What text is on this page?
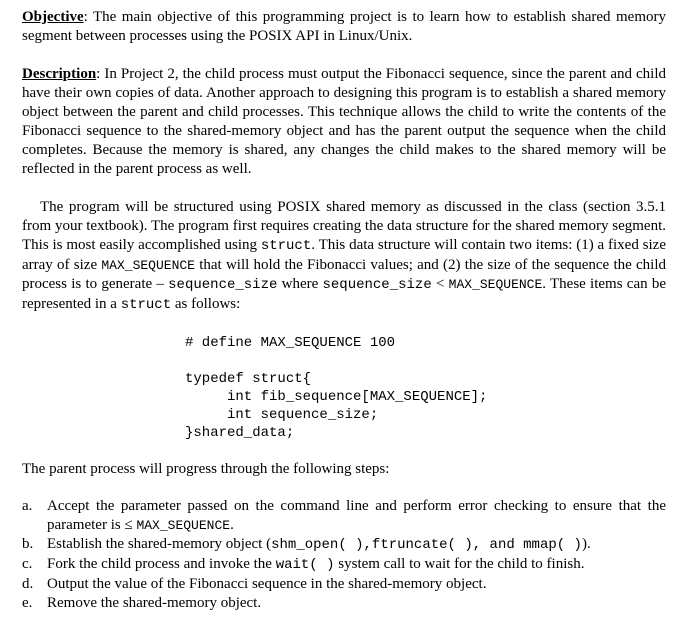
Objective: The main objective of this programming project is to learn how to establish shared memory segment between processes using the POSIX API in Linux/Unix.

Description: In Project 2, the child process must output the Fibonacci sequence, since the parent and child have their own copies of data. Another approach to designing this program is to establish a shared memory object between the parent and child processes. This technique allows the child to write the contents of the Fibonacci sequence to the shared-memory object and has the parent output the sequence when the child completes. Because the memory is shared, any changes the child makes to the shared memory will be reflected in the parent process as well.

The program will be structured using POSIX shared memory as discussed in the class (section 3.5.1 from your textbook). The program first requires creating the data structure for the shared memory segment. This is most easily accomplished using struct. This data structure will contain two items: (1) a fixed size array of size MAX_SEQUENCE that will hold the Fibonacci values; and (2) the size of the sequence the child process is to generate – sequence_size where sequence_size < MAX_SEQUENCE. These items can be represented in a struct as follows:

# define MAX_SEQUENCE 100
typedef struct{
int fib_sequence[MAX_SEQUENCE];
int sequence_size;
}shared_data;

The parent process will progress through the following steps:

a. Accept the parameter passed on the command line and perform error checking to ensure that the parameter is ≤ MAX_SEQUENCE.
b. Establish the shared-memory object (shm_open( ),ftruncate( ), and mmap( )).
c. Fork the child process and invoke the wait( ) system call to wait for the child to finish.
d. Output the value of the Fibonacci sequence in the shared-memory object.
e. Remove the shared-memory object.
